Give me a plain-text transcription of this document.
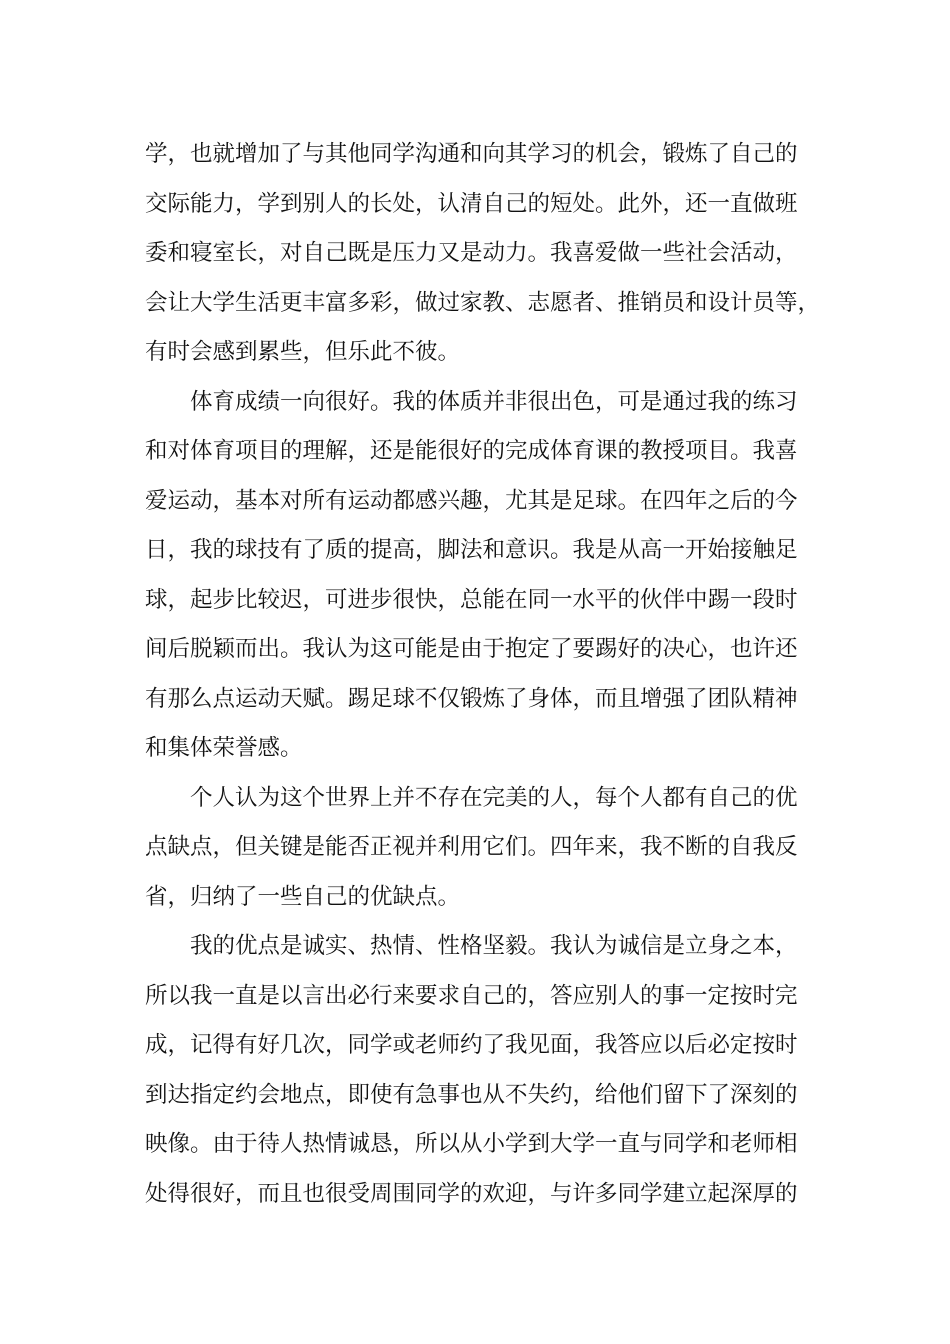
学，也就增加了与其他同学沟通和向其学习的机会，锻炼了自己的
交际能力，学到别人的长处，认清自己的短处。此外，还一直做班
委和寝室长，对自己既是压力又是动力。我喜爱做一些社会活动，
会让大学生活更丰富多彩，做过家教、志愿者、推销员和设计员等，
有时会感到累些，但乐此不彼。
体育成绩一向很好。我的体质并非很出色，可是通过我的练习
和对体育项目的理解，还是能很好的完成体育课的教授项目。我喜
爱运动，基本对所有运动都感兴趣，尤其是足球。在四年之后的今
日，我的球技有了质的提高，脚法和意识。我是从高一开始接触足
球，起步比较迟，可进步很快，总能在同一水平的伙伴中踢一段时
间后脱颖而出。我认为这可能是由于抱定了要踢好的决心，也许还
有那么点运动天赋。踢足球不仅锻炼了身体，而且增强了团队精神
和集体荣誉感。
个人认为这个世界上并不存在完美的人，每个人都有自己的优
点缺点，但关键是能否正视并利用它们。四年来，我不断的自我反
省，归纳了一些自己的优缺点。
我的优点是诚实、热情、性格坚毅。我认为诚信是立身之本，
所以我一直是以言出必行来要求自己的，答应别人的事一定按时完
成，记得有好几次，同学或老师约了我见面，我答应以后必定按时
到达指定约会地点，即使有急事也从不失约，给他们留下了深刻的
映像。由于待人热情诚恳，所以从小学到大学一直与同学和老师相
处得很好，而且也很受周围同学的欢迎，与许多同学建立起深厚的
